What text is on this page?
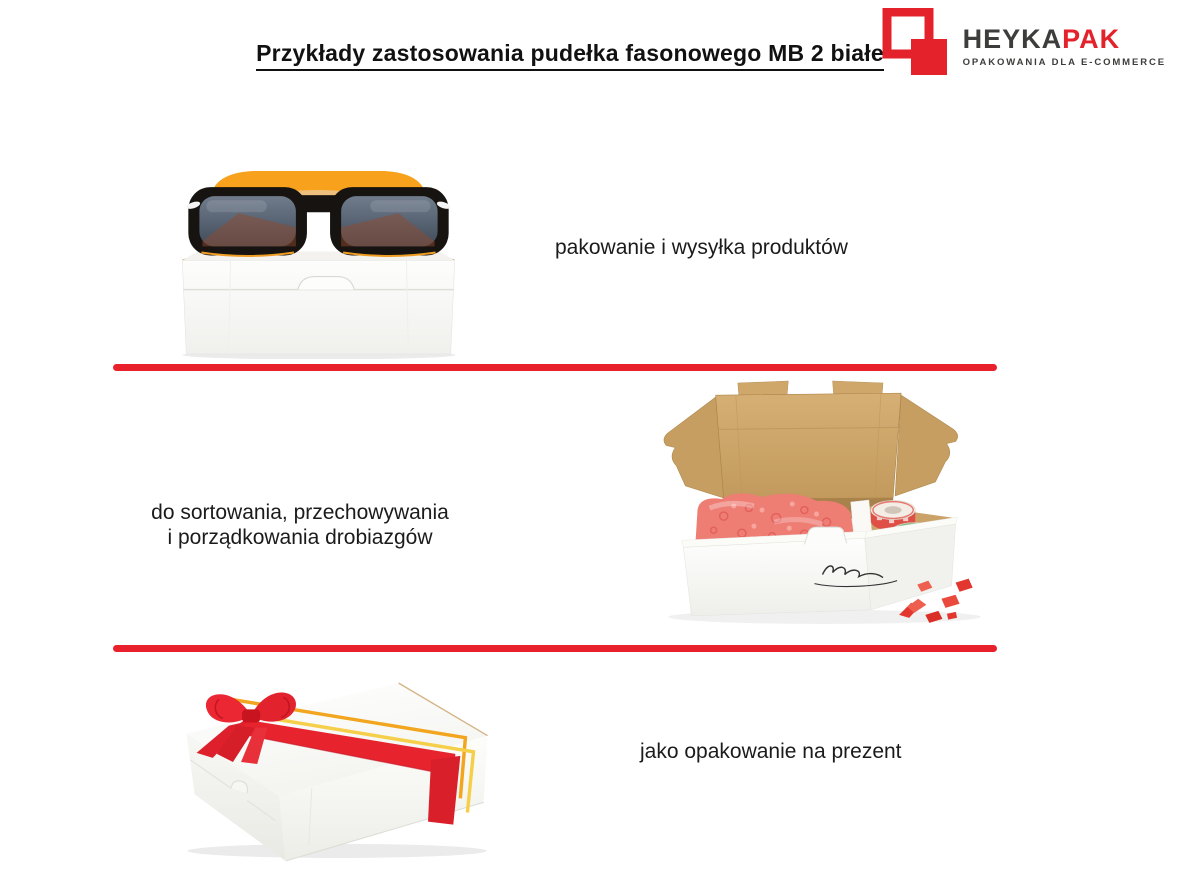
Przykłady zastosowania pudełka fasonowego MB 2 białe	HEYKAPAK
OPAKOWANIA DLA E-COMMERCE
pakowanie i wysyłka produktów
do sortowania, przechowywania
i porządkowania drobiazgów
jako opakowanie na prezent
